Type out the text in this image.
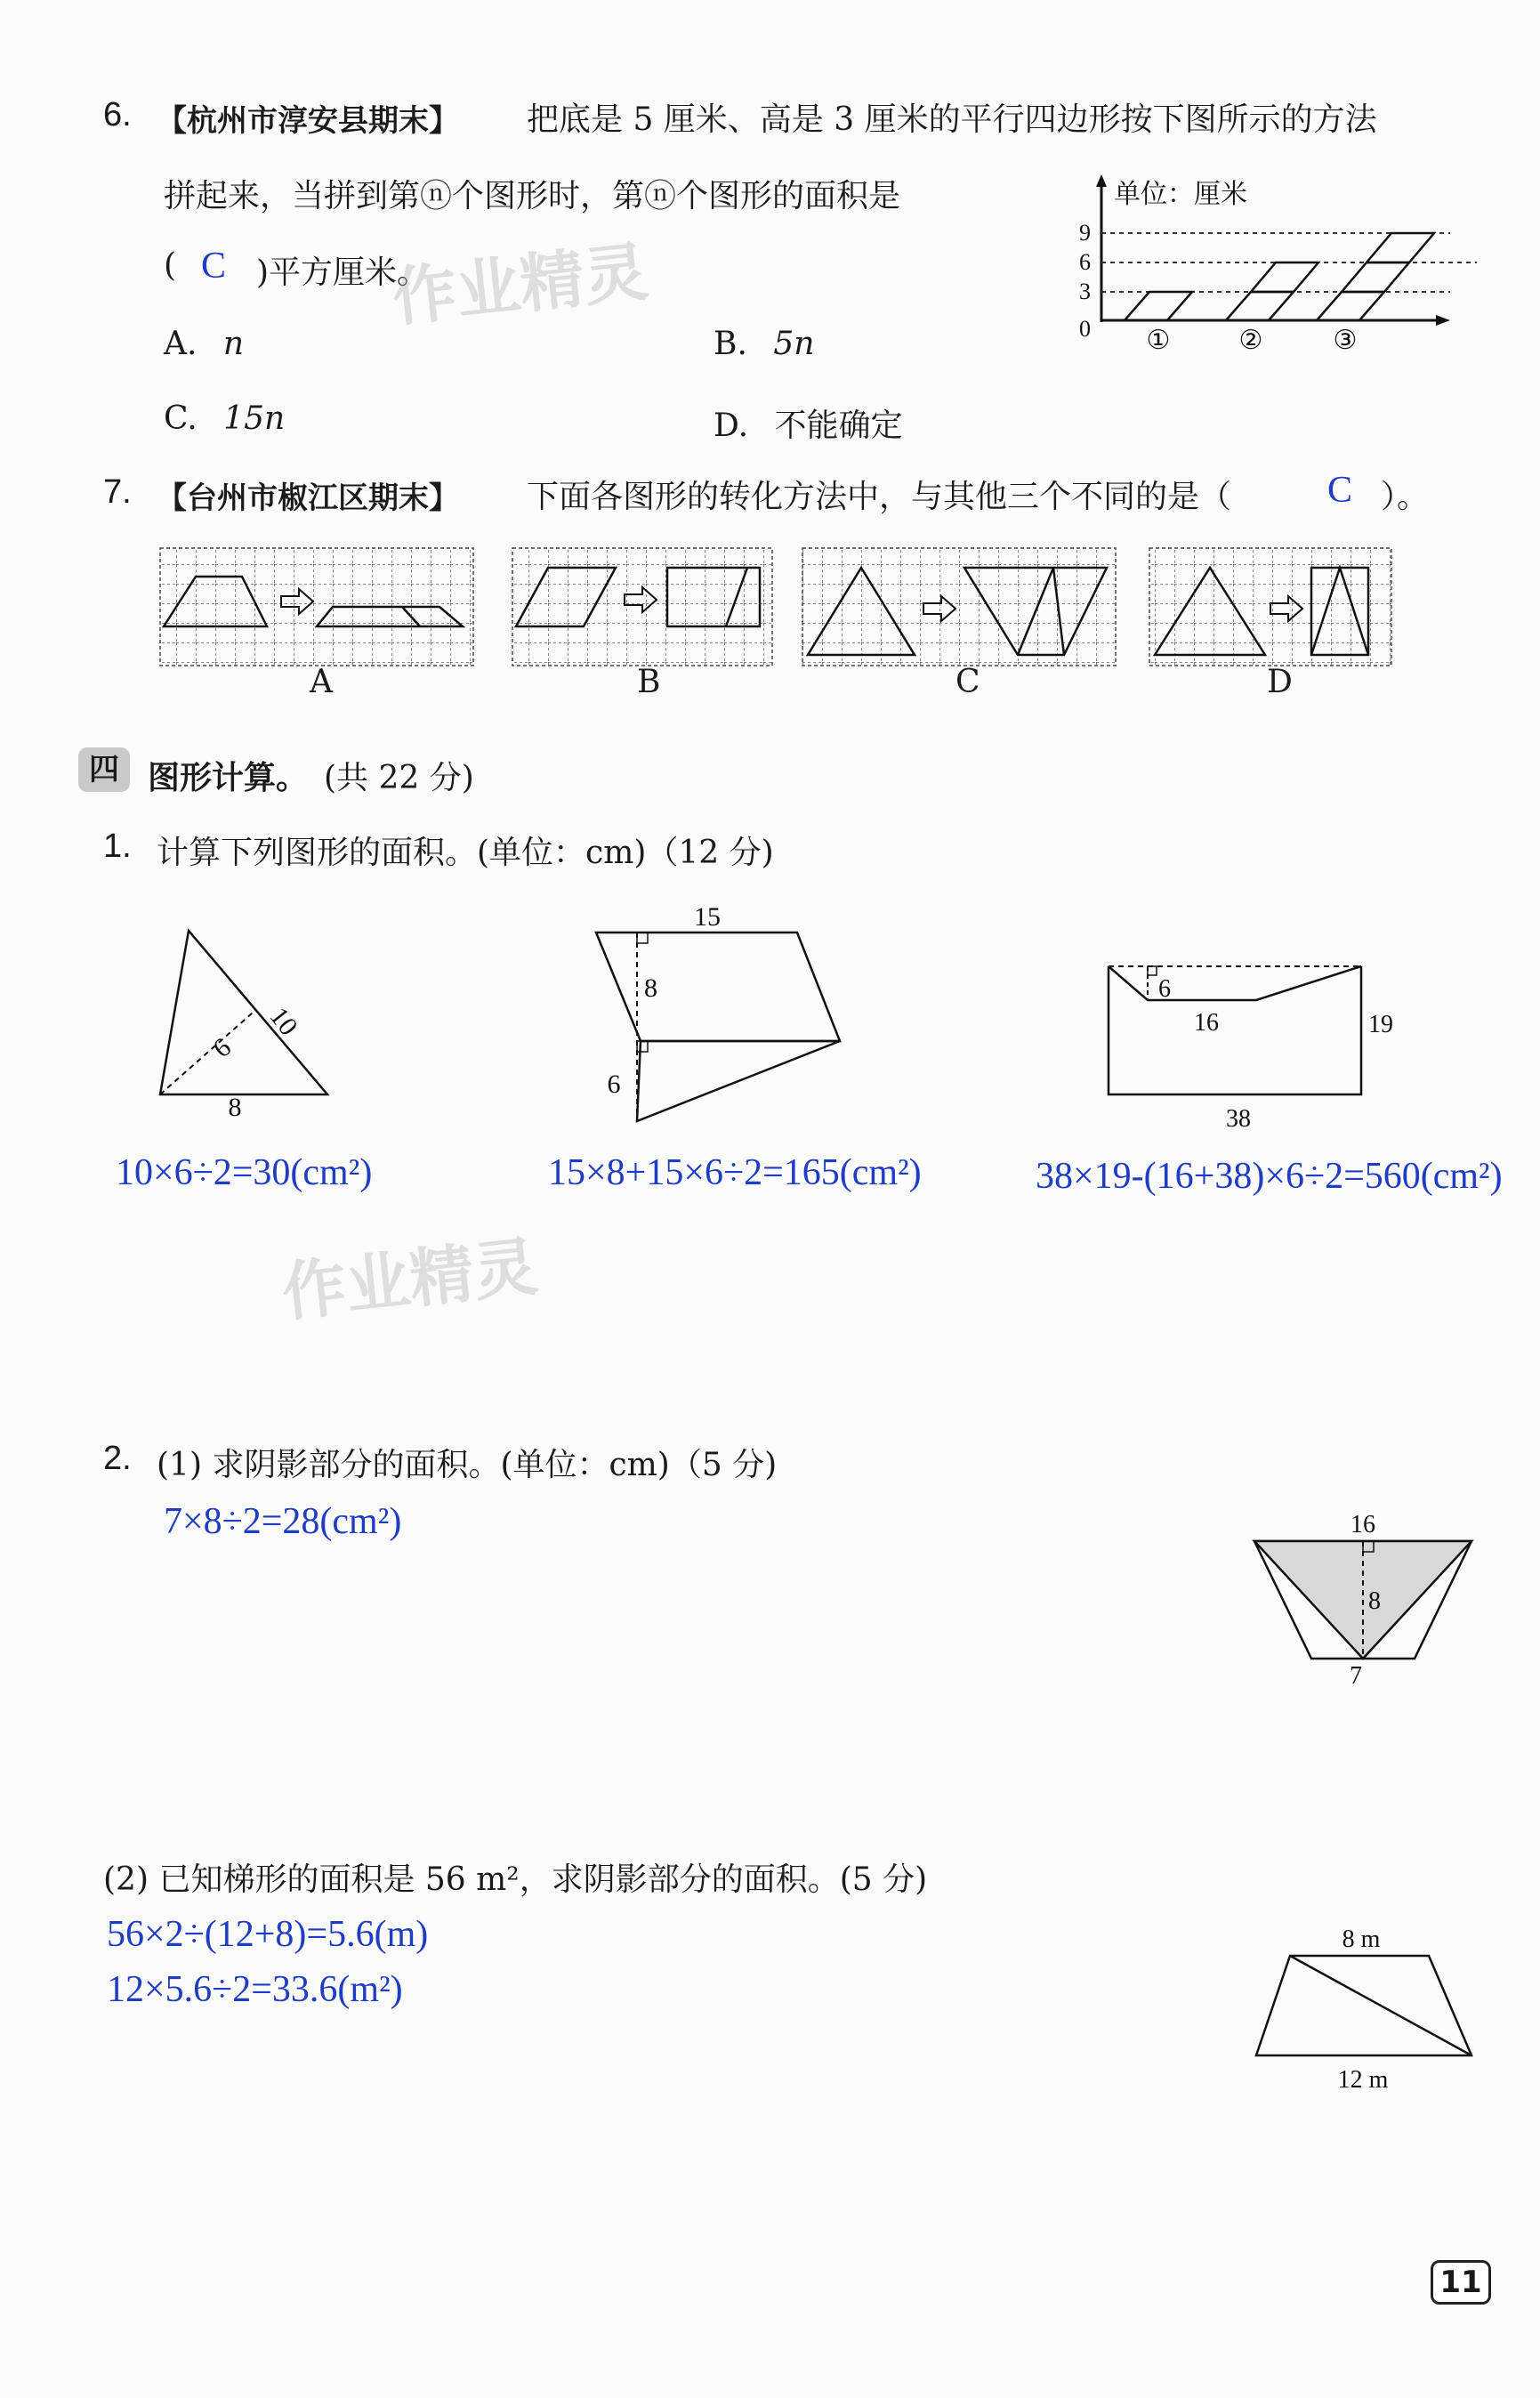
6. 【杭州市淳安县期末】 把底是 5 厘米、高是 3 厘米的平行四边形按下图所示的方法
拼起来，当拼到第ⓝ个图形时，第ⓝ个图形的面积是
( C )平方厘米。
A. n	B. 5n
C. 15n	D. 不能确定
单位：厘米
9
6
3
0 ①	②	③
作业精灵
7. 【台州市椒江区期末】 下面各图形的转化方法中，与其他三个不同的是（	C ）。
A	B	C	D
四 图形计算。 (共 22 分)
1. 计算下列图形的面积。(单位：cm)（12 分)
10
6
8
15
8
6
6
16	19
38
10×6÷2=30(cm²)	15×8+15×6÷2=165(cm²)	38×19-(16+38)×6÷2=560(cm²)
作业精灵
2. (1) 求阴影部分的面积。(单位：cm)（5 分)
7×8÷2=28(cm²)	16
8
7
(2) 已知梯形的面积是 56 m²，求阴影部分的面积。(5 分)
56×2÷(12+8)=5.6(m)
12×5.6÷2=33.6(m²)
8 m
12 m
11
